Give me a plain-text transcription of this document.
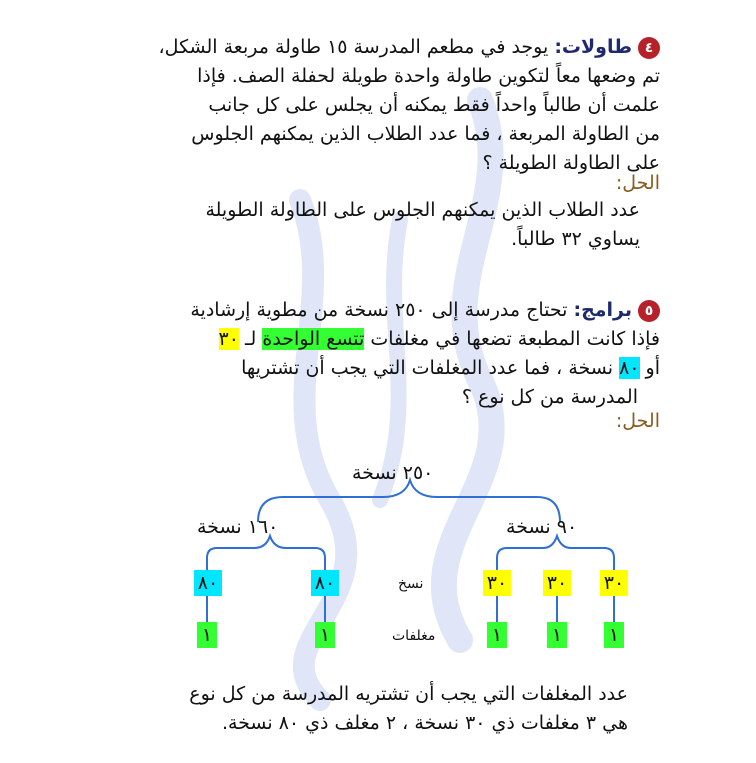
٤طاولات: يوجد في مطعم المدرسة ١٥ طاولة مربعة الشكل،
تم وضعها معاً لتكوين طاولة واحدة طويلة لحفلة الصف. فإذا
علمت أن طالباً واحداً فقط يمكنه أن يجلس على كل جانب
من الطاولة المربعة ، فما عدد الطلاب الذين يمكنهم الجلوس
على الطاولة الطويلة ؟
الحل:
عدد الطلاب الذين يمكنهم الجلوس على الطاولة الطويلة
يساوي ٣٢ طالباً.
٥برامج: تحتاج مدرسة إلى ٢٥٠ نسخة من مطوية إرشادية
فإذا كانت المطبعة تضعها في مغلفات تتسع الواحدة لـ ٣٠
أو ٨٠ نسخة ، فما عدد المغلفات التي يجب أن تشتريها
المدرسة من كل نوع ؟
الحل:
٢٥٠ نسخة
١٦٠ نسخة	٩٠ نسخة
٨٠	٨٠	نسخ	٣٠ ٣٠ ٣٠
١	١	مغلفات	١	١ ١
عدد المغلفات التي يجب أن تشتريه المدرسة من كل نوع
هي ٣ مغلفات ذي ٣٠ نسخة ، ٢ مغلف ذي ٨٠ نسخة.
